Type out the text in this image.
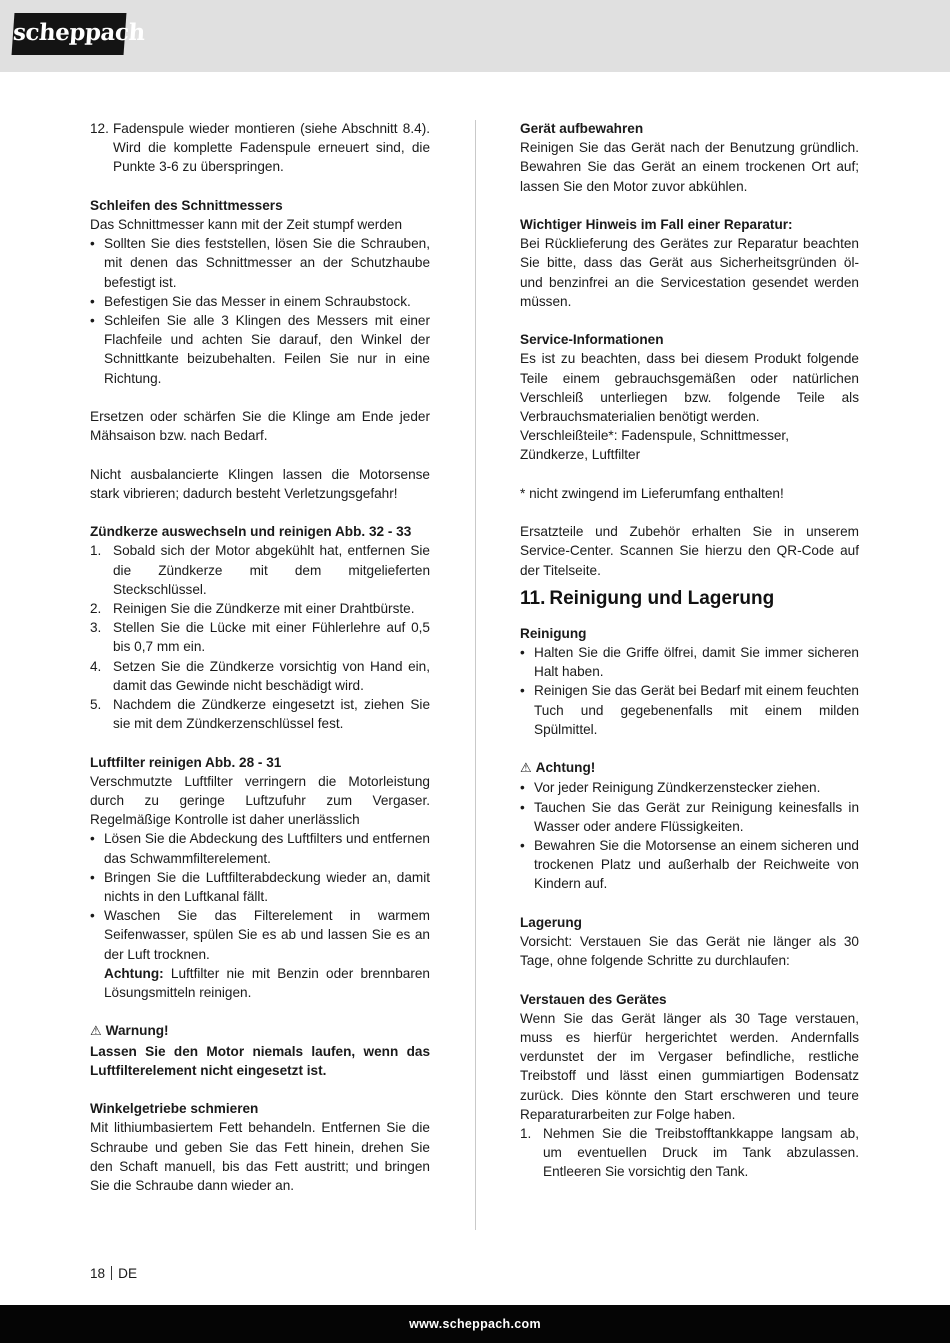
scheppach
12. Fadenspule wieder montieren (siehe Abschnitt 8.4). Wird die komplette Fadenspule erneuert sind, die Punkte 3-6 zu überspringen.
Schleifen des Schnittmessers

Das Schnittmesser kann mit der Zeit stumpf werden

• Sollten Sie dies feststellen, lösen Sie die Schrauben, mit denen das Schnittmesser an der Schutzhaube befestigt ist.
• Befestigen Sie das Messer in einem Schraubstock.
• Schleifen Sie alle 3 Klingen des Messers mit einer Flachfeile und achten Sie darauf, den Winkel der Schnittkante beizubehalten. Feilen Sie nur in eine Richtung.

Ersetzen oder schärfen Sie die Klinge am Ende jeder Mähsaison bzw. nach Bedarf.

Nicht ausbalancierte Klingen lassen die Motorsense stark vibrieren; dadurch besteht Verletzungsgefahr!

Zündkerze auswechseln und reinigen Abb. 32 - 33
1. Sobald sich der Motor abgekühlt hat, entfernen Sie die Zündkerze mit dem mitgelieferten Steckschlüssel.
2. Reinigen Sie die Zündkerze mit einer Drahtbürste.
3. Stellen Sie die Lücke mit einer Fühlerlehre auf 0,5 bis 0,7 mm ein.
4. Setzen Sie die Zündkerze vorsichtig von Hand ein, damit das Gewinde nicht beschädigt wird.
5. Nachdem die Zündkerze eingesetzt ist, ziehen Sie sie mit dem Zündkerzenschlüssel fest.
Luftfilter reinigen Abb. 28 - 31

Verschmutzte Luftfilter verringern die Motorleistung durch zu geringe Luftzufuhr zum Vergaser. Regelmäßige Kontrolle ist daher unerlässlich

• Lösen Sie die Abdeckung des Luftfilters und entfernen das Schwammfilterelement.
• Bringen Sie die Luftfilterabdeckung wieder an, damit nichts in den Luftkanal fällt.
• Waschen Sie das Filterelement in warmem Seifenwasser, spülen Sie es ab und lassen Sie es an der Luft trocknen.
Achtung: Luftfilter nie mit Benzin oder brennbaren Lösungsmitteln reinigen.
⚠ Warnung!

Lassen Sie den Motor niemals laufen, wenn das Luftfilterelement nicht eingesetzt ist.

Winkelgetriebe schmieren

Mit lithiumbasiertem Fett behandeln. Entfernen Sie die Schraube und geben Sie das Fett hinein, drehen Sie den Schaft manuell, bis das Fett austritt; und bringen Sie die Schraube dann wieder an.

Gerät aufbewahren

Reinigen Sie das Gerät nach der Benutzung gründlich. Bewahren Sie das Gerät an einem trockenen Ort auf; lassen Sie den Motor zuvor abkühlen.

Wichtiger Hinweis im Fall einer Reparatur:

Bei Rücklieferung des Gerätes zur Reparatur beachten Sie bitte, dass das Gerät aus Sicherheitsgründen öl- und benzinfrei an die Servicestation gesendet werden müssen.

Service-Informationen

Es ist zu beachten, dass bei diesem Produkt folgende Teile einem gebrauchsgemäßen oder natürlichen Verschleiß unterliegen bzw. folgende Teile als Verbrauchsmaterialien benötigt werden.

Verschleißteile*: Fadenspule, Schnittmesser, Zündkerze, Luftfilter

* nicht zwingend im Lieferumfang enthalten!

Ersatzteile und Zubehör erhalten Sie in unserem Service-Center. Scannen Sie hierzu den QR-Code auf der Titelseite.

11. Reinigung und Lagerung
Reinigung
• Halten Sie die Griffe ölfrei, damit Sie immer sicheren Halt haben.
• Reinigen Sie das Gerät bei Bedarf mit einem feuchten Tuch und gegebenenfalls mit einem milden Spülmittel.
⚠ Achtung!
• Vor jeder Reinigung Zündkerzenstecker ziehen.
• Tauchen Sie das Gerät zur Reinigung keinesfalls in Wasser oder andere Flüssigkeiten.
• Bewahren Sie die Motorsense an einem sicheren und trockenen Platz und außerhalb der Reichweite von Kindern auf.
Lagerung

Vorsicht: Verstauen Sie das Gerät nie länger als 30 Tage, ohne folgende Schritte zu durchlaufen:

Verstauen des Gerätes

Wenn Sie das Gerät länger als 30 Tage verstauen, muss es hierfür hergerichtet werden. Andernfalls verdunstet der im Vergaser befindliche, restliche Treibstoff und lässt einen gummiartigen Bodensatz zurück. Dies könnte den Start erschweren und teure Reparaturarbeiten zur Folge haben.

1. Nehmen Sie die Treibstofftankkappe langsam ab, um eventuellen Druck im Tank abzulassen. Entleeren Sie vorsichtig den Tank.
18 DE
www.scheppach.com
